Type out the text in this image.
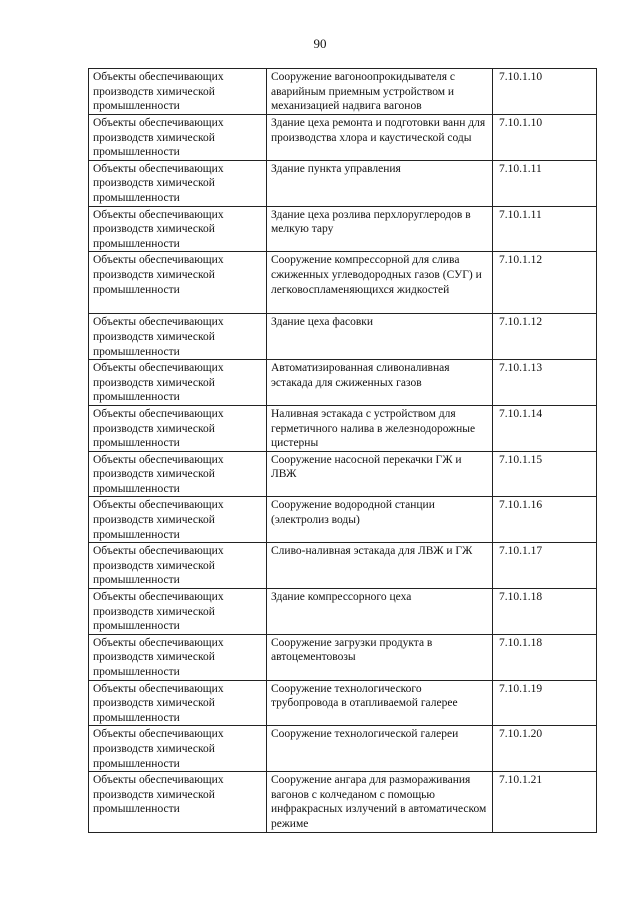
90
Объекты обеспечивающих производств химической промышленности	Сооружение вагоноопрокидывателя с аварийным приемным устройством и механизацией надвига вагонов	7.10.1.10
Объекты обеспечивающих производств химической промышленности	Здание цеха ремонта и подготовки ванн для производства хлора и каустической соды	7.10.1.10
Объекты обеспечивающих производств химической промышленности	Здание пункта управления	7.10.1.11
Объекты обеспечивающих производств химической промышленности	Здание цеха розлива перхлоруглеродов в мелкую тару	7.10.1.11
Объекты обеспечивающих производств химической промышленности	Сооружение компрессорной для слива сжиженных углеводородных газов (СУГ) и легковоспламеняющихся жидкостей	7.10.1.12
Объекты обеспечивающих производств химической промышленности	Здание цеха фасовки	7.10.1.12
Объекты обеспечивающих производств химической промышленности	Автоматизированная сливоналивная эстакада для сжиженных газов	7.10.1.13
Объекты обеспечивающих производств химической промышленности	Наливная эстакада с устройством для герметичного налива в железнодорожные цистерны	7.10.1.14
Объекты обеспечивающих производств химической промышленности	Сооружение насосной перекачки ГЖ и ЛВЖ	7.10.1.15
Объекты обеспечивающих производств химической промышленности	Сооружение водородной станции (электролиз воды)	7.10.1.16
Объекты обеспечивающих производств химической промышленности	Сливо-наливная эстакада для ЛВЖ и ГЖ	7.10.1.17
Объекты обеспечивающих производств химической промышленности	Здание компрессорного цеха	7.10.1.18
Объекты обеспечивающих производств химической промышленности	Сооружение загрузки продукта в автоцементовозы	7.10.1.18
Объекты обеспечивающих производств химической промышленности	Сооружение технологического трубопровода в отапливаемой галерее	7.10.1.19
Объекты обеспечивающих производств химической промышленности	Сооружение технологической галереи	7.10.1.20
Объекты обеспечивающих производств химической промышленности	Сооружение ангара для размораживания вагонов с колчеданом с помощью инфракрасных излучений в автоматическом режиме	7.10.1.21
